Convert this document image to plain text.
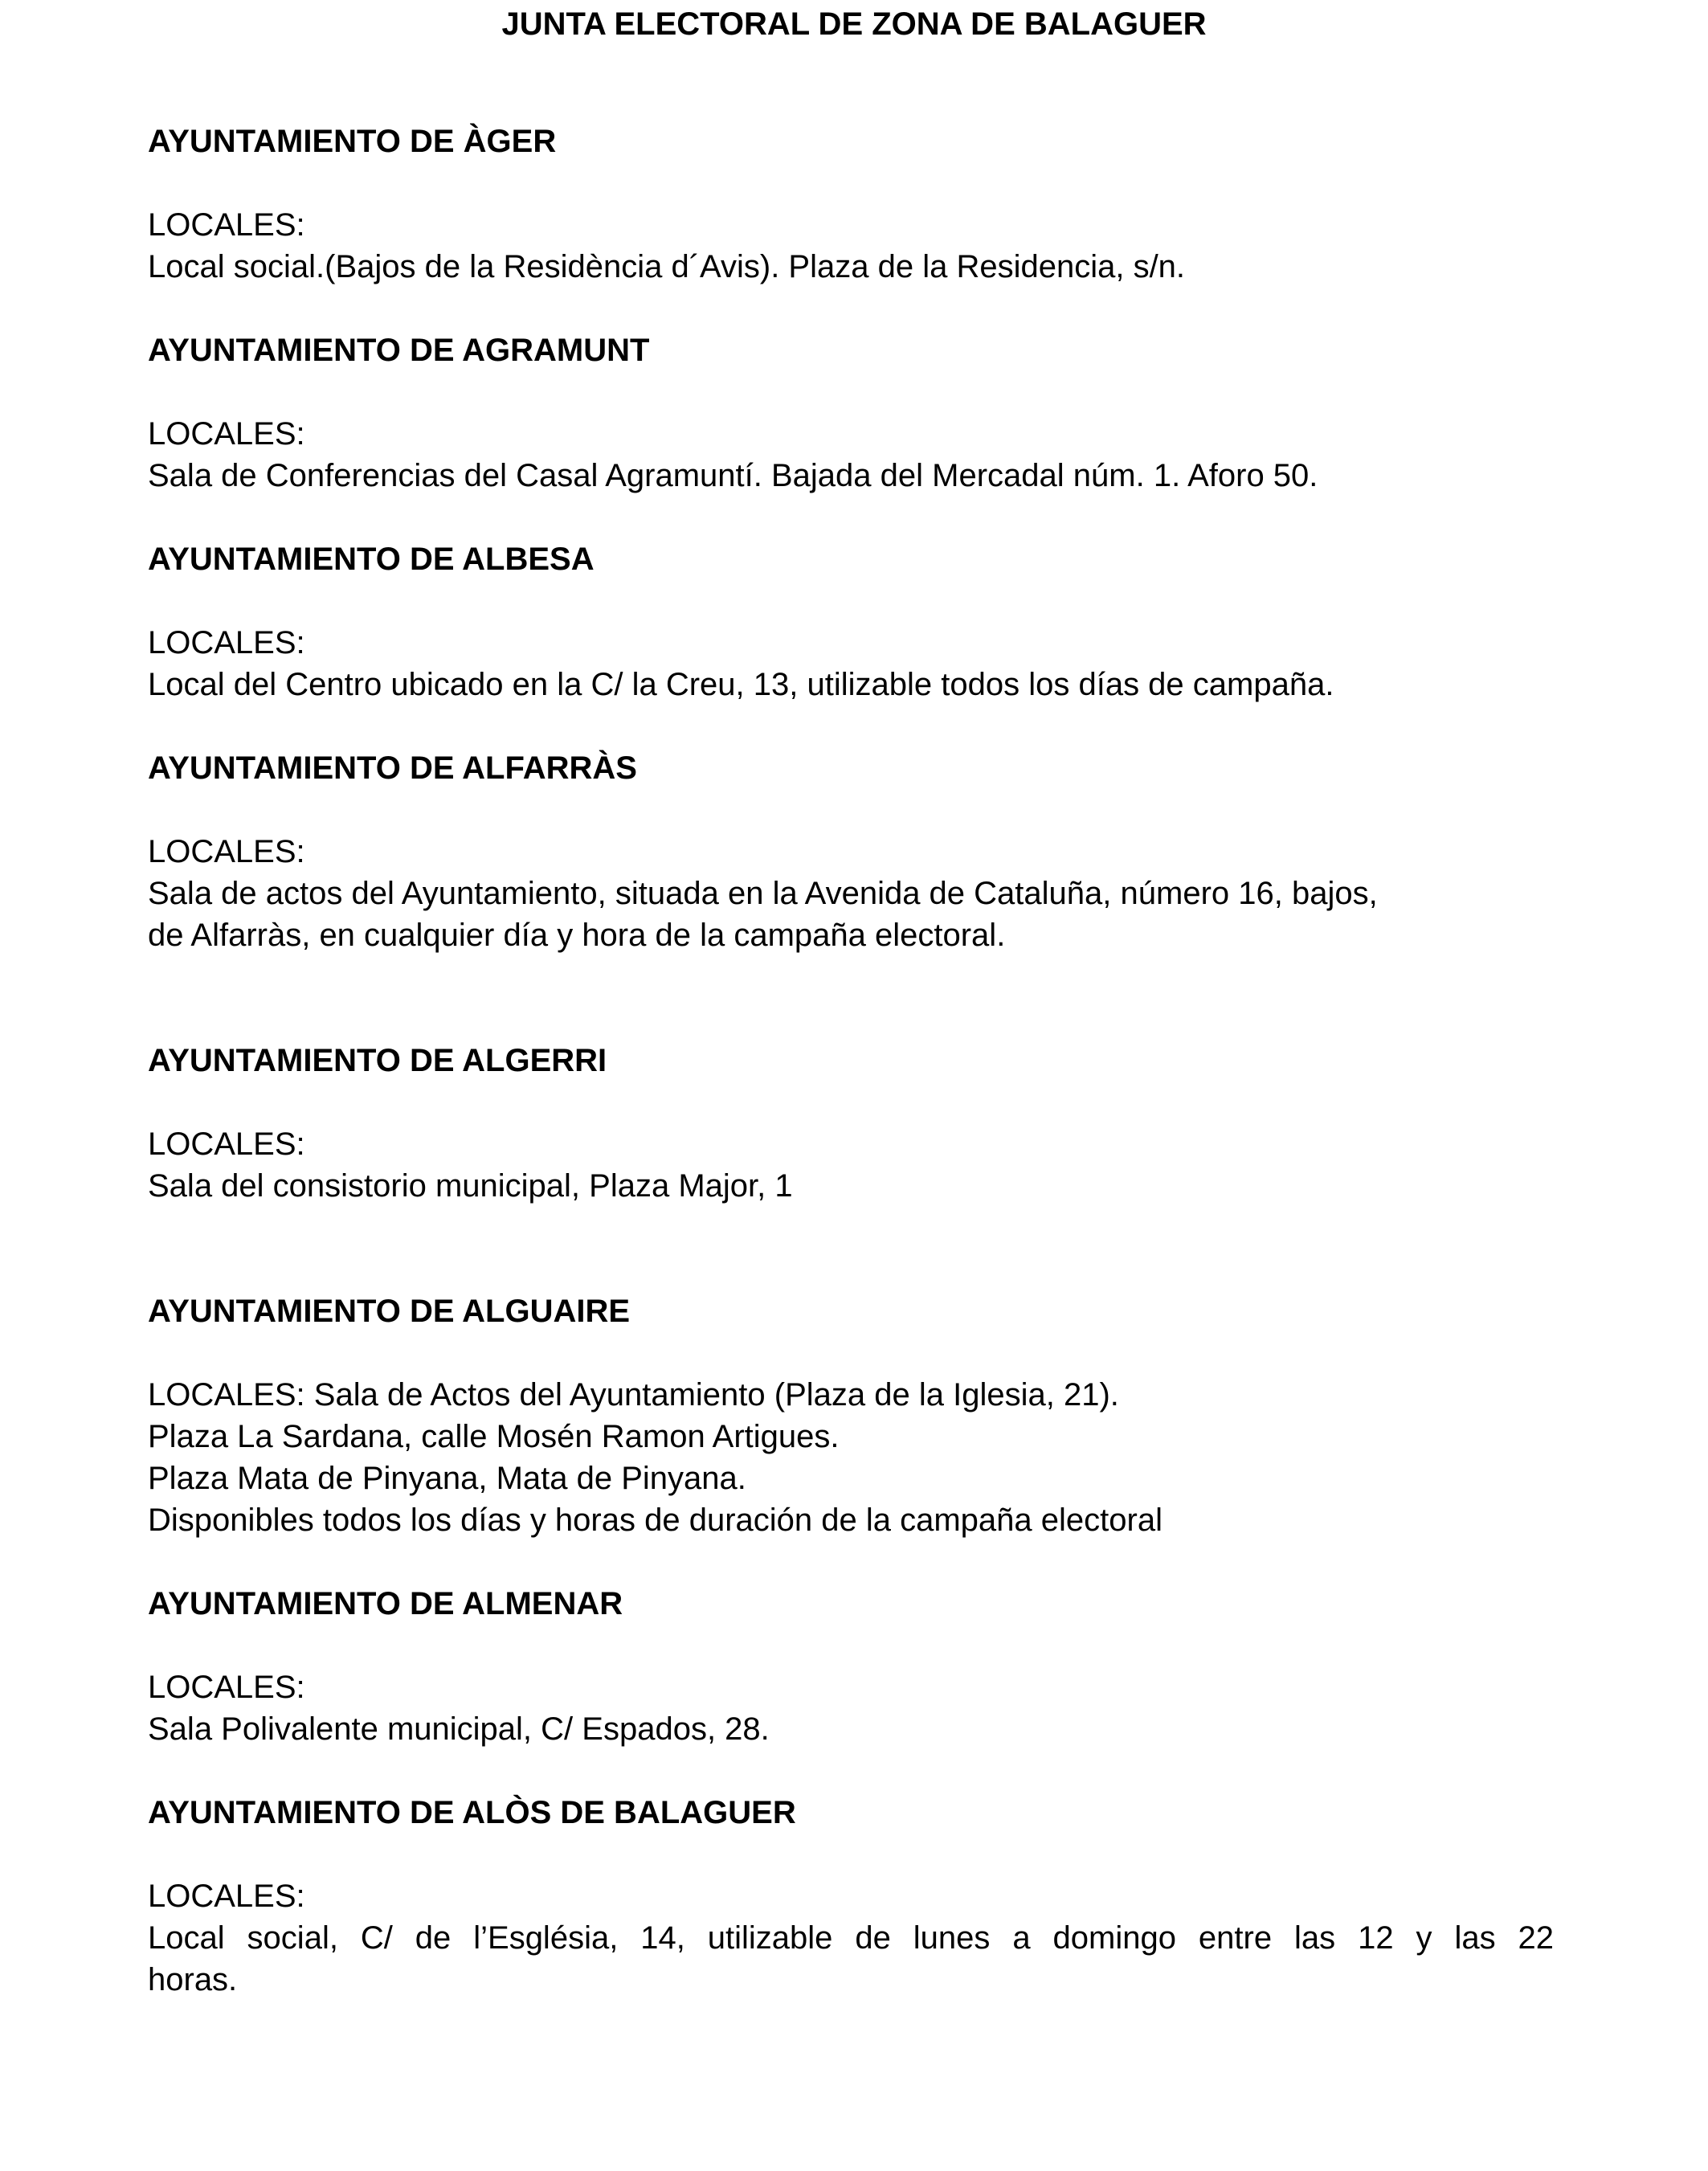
JUNTA ELECTORAL DE ZONA DE BALAGUER

AYUNTAMIENTO DE ÀGER

LOCALES:

Local social.(Bajos de la Residència d´Avis). Plaza de la Residencia, s/n.

AYUNTAMIENTO DE AGRAMUNT

LOCALES:

Sala de Conferencias del Casal Agramuntí. Bajada del Mercadal núm. 1. Aforo 50.

AYUNTAMIENTO DE ALBESA

LOCALES:

Local del Centro ubicado en la C/ la Creu, 13, utilizable todos los días de campaña.

AYUNTAMIENTO DE ALFARRÀS

LOCALES:

Sala de actos del Ayuntamiento, situada en la Avenida de Cataluña, número 16, bajos,

de Alfarràs, en cualquier día y hora de la campaña electoral.

AYUNTAMIENTO DE ALGERRI

LOCALES:

Sala del consistorio municipal, Plaza Major, 1

AYUNTAMIENTO DE ALGUAIRE

LOCALES: Sala de Actos del Ayuntamiento (Plaza de la Iglesia, 21).

Plaza La Sardana, calle Mosén Ramon Artigues.

Plaza Mata de Pinyana, Mata de Pinyana.

Disponibles todos los días y horas de duración de la campaña electoral

AYUNTAMIENTO DE ALMENAR

LOCALES:

Sala Polivalente municipal, C/ Espados, 28.

AYUNTAMIENTO DE ALÒS DE BALAGUER

LOCALES:

Local social, C/ de l’Església, 14, utilizable de lunes a domingo entre las 12 y las 22

horas.
